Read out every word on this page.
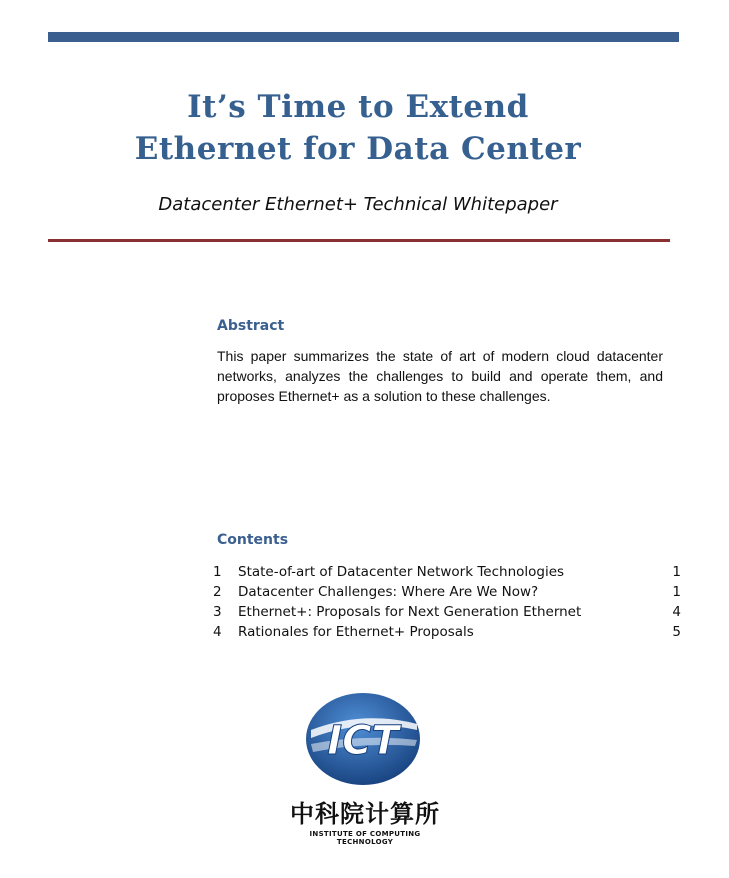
It’s Time to Extend
Ethernet for Data Center
Datacenter Ethernet+ Technical Whitepaper
Abstract
This paper summarizes the state of art of modern cloud datacenter networks, analyzes the challenges to build and operate them, and proposes Ethernet+ as a solution to these challenges.
Contents
1	State-of-art of Datacenter Network Technologies	1
2	Datacenter Challenges: Where Are We Now?	1
3	Ethernet+: Proposals for Next Generation Ethernet	4
4	Rationales for Ethernet+ Proposals	5
ICT
中科院计算所
INSTITUTE OF COMPUTING TECHNOLOGY
